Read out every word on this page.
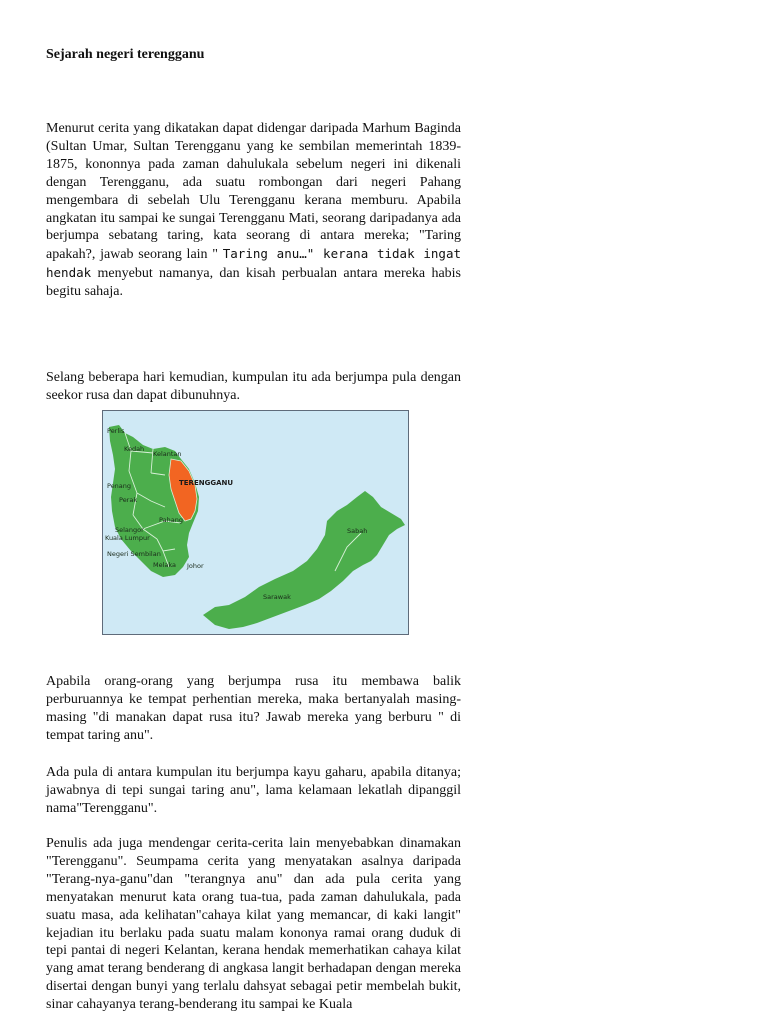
Sejarah negeri terengganu
Menurut cerita yang dikatakan dapat didengar daripada Marhum Baginda (Sultan Umar, Sultan Terengganu yang ke sembilan memerintah 1839-1875, kononnya pada zaman dahulukala sebelum negeri ini dikenali dengan Terengganu, ada suatu rombongan dari negeri Pahang mengembara di sebelah Ulu Terengganu kerana memburu. Apabila angkatan itu sampai ke sungai Terengganu Mati, seorang daripadanya ada berjumpa sebatang taring, kata seorang di antara mereka; "Taring apakah?, jawab seorang lain " Taring anu…" kerana tidak ingat hendak menyebut namanya, dan kisah perbualan antara mereka habis begitu sahaja.
Selang beberapa hari kemudian, kumpulan itu ada berjumpa pula dengan seekor rusa dan dapat dibunuhnya.
Apabila orang-orang yang berjumpa rusa itu membawa balik perburuannya ke tempat perhentian mereka, maka bertanyalah masing-masing "di manakan dapat rusa itu? Jawab mereka yang berburu " di tempat taring anu".
Ada pula di antara kumpulan itu berjumpa kayu gaharu, apabila ditanya; jawabnya di tepi sungai taring anu", lama kelamaan lekatlah dipanggil nama"Terengganu".
Penulis ada juga mendengar cerita-cerita lain menyebabkan dinamakan "Terengganu". Seumpama cerita yang menyatakan asalnya daripada "Terang-nya-ganu"dan "terangnya anu" dan ada pula cerita yang menyatakan menurut kata orang tua-tua, pada zaman dahulukala, pada suatu masa, ada kelihatan"cahaya kilat yang memancar, di kaki langit" kejadian itu berlaku pada suatu malam kononya ramai orang duduk di tepi pantai di negeri Kelantan, kerana hendak memerhatikan cahaya kilat yang amat terang benderang di angkasa langit berhadapan dengan mereka disertai dengan bunyi yang terlalu dahsyat sebagai petir membelah bukit, sinar cahayanya terang-benderang itu sampai ke Kuala
Perlis
Kedah
Kelantan
Penang	TERENGGANU
Perak
Pahang
Selangor
Kuala Lumpur
Negeri Sembilan
Melaka Johor
Sabah
Sarawak
